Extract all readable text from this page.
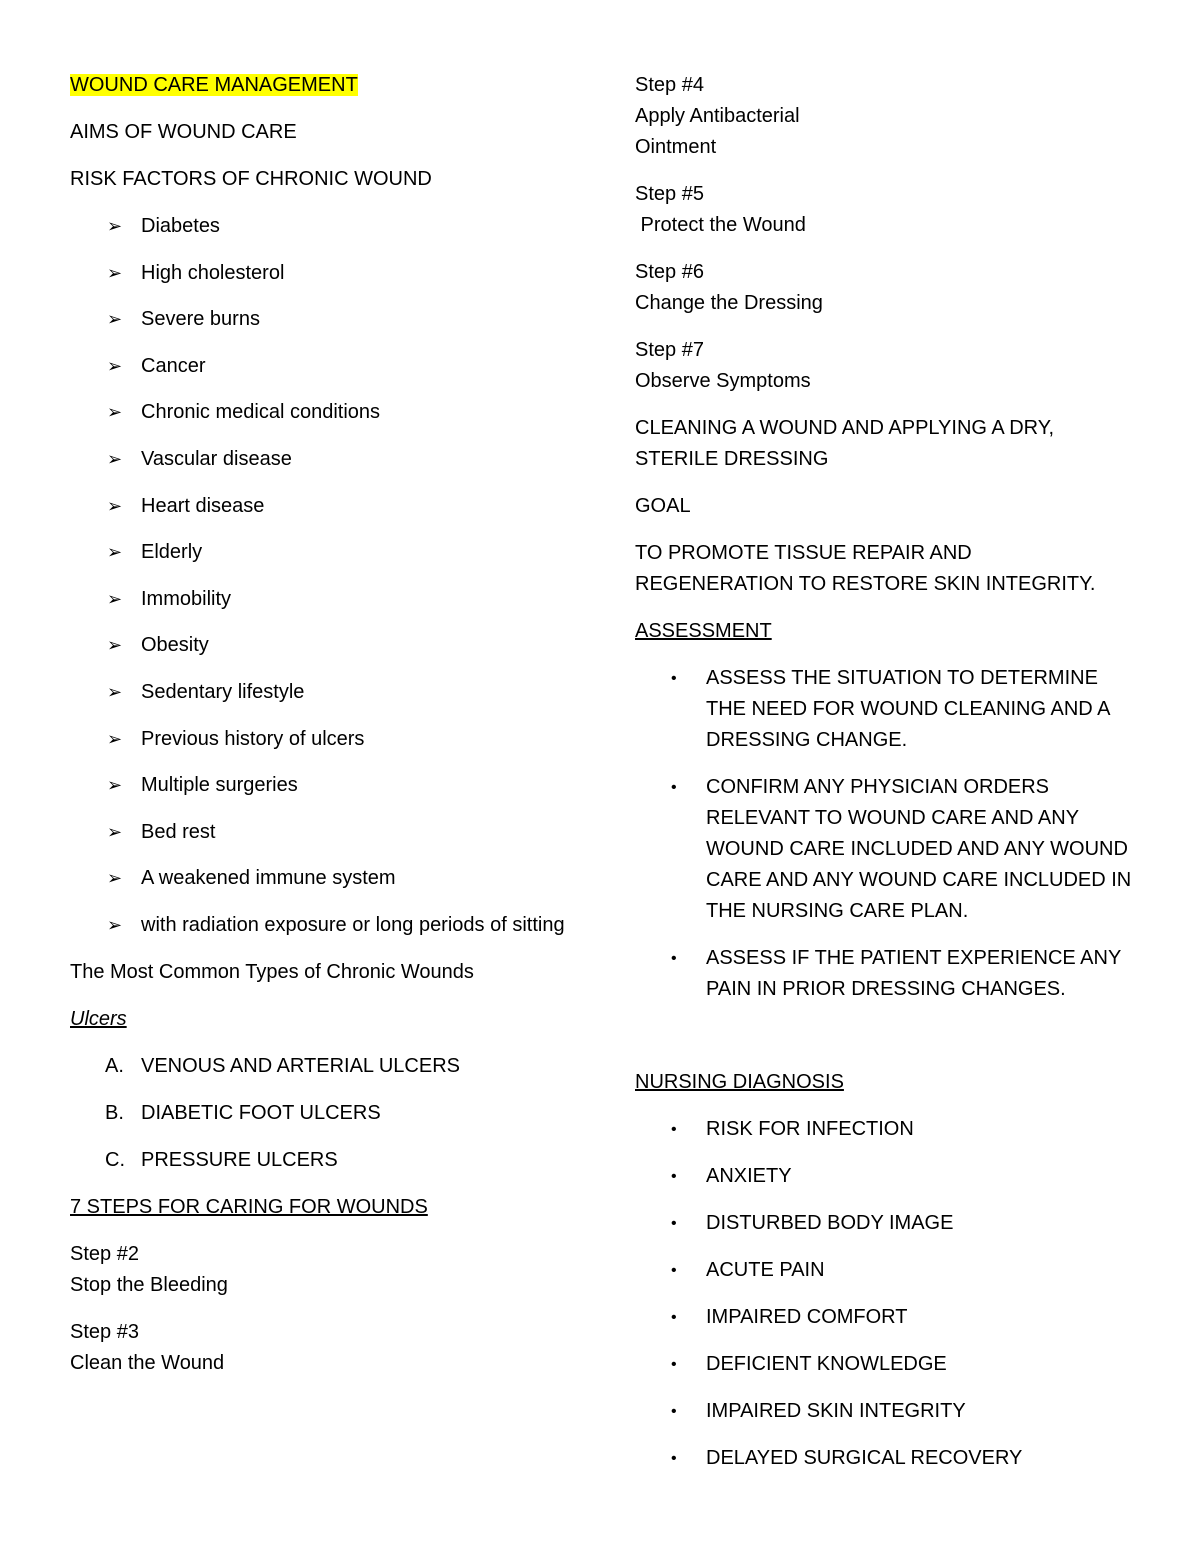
WOUND CARE MANAGEMENT

AIMS OF WOUND CARE

RISK FACTORS OF CHRONIC WOUND

➢ Diabetes
➢ High cholesterol
➢ Severe burns
➢ Cancer
➢ Chronic medical conditions
➢ Vascular disease
➢ Heart disease
➢ Elderly
➢ Immobility
➢ Obesity
➢ Sedentary lifestyle
➢ Previous history of ulcers
➢ Multiple surgeries
➢ Bed rest
➢ A weakened immune system
➢ with radiation exposure or long periods of sitting

The Most Common Types of Chronic Wounds

Ulcers

A. VENOUS AND ARTERIAL ULCERS
B. DIABETIC FOOT ULCERS
C. PRESSURE ULCERS

7 STEPS FOR CARING FOR WOUNDS

Step #2
Stop the Bleeding
Step #3
Clean the Wound
Step #4
Apply Antibacterial
Ointment
Step #5
Protect the Wound
Step #6
Change the Dressing
Step #7
Observe Symptoms

CLEANING A WOUND AND APPLYING A DRY, STERILE DRESSING

GOAL

TO PROMOTE TISSUE REPAIR AND REGENERATION TO RESTORE SKIN INTEGRITY.

ASSESSMENT

• ASSESS THE SITUATION TO DETERMINE THE NEED FOR WOUND CLEANING AND A DRESSING CHANGE.
• CONFIRM ANY PHYSICIAN ORDERS RELEVANT TO WOUND CARE AND ANY WOUND CARE INCLUDED AND ANY WOUND CARE AND ANY WOUND CARE INCLUDED IN THE NURSING CARE PLAN.
• ASSESS IF THE PATIENT EXPERIENCE ANY PAIN IN PRIOR DRESSING CHANGES.

NURSING DIAGNOSIS

• RISK FOR INFECTION
• ANXIETY
• DISTURBED BODY IMAGE
• ACUTE PAIN
• IMPAIRED COMFORT
• DEFICIENT KNOWLEDGE
• IMPAIRED SKIN INTEGRITY
• DELAYED SURGICAL RECOVERY
